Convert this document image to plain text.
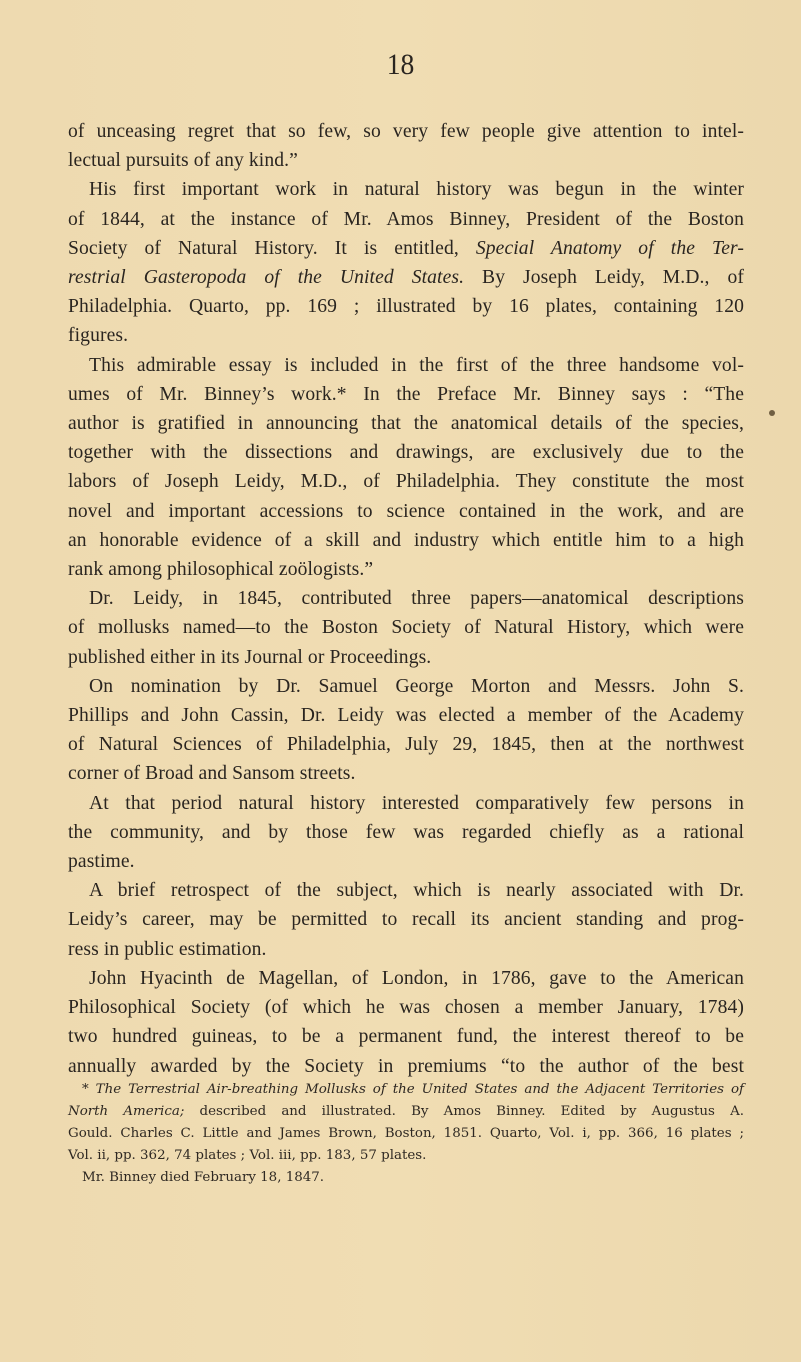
18
of unceasing regret that so few, so very few people give attention to intel-
lectual pursuits of any kind.”
His first important work in natural history was begun in the winter
of 1844, at the instance of Mr. Amos Binney, President of the Boston
Society of Natural History. It is entitled, Special Anatomy of the Ter-
restrial Gasteropoda of the United States. By Joseph Leidy, M.D., of
Philadelphia. Quarto, pp. 169 ; illustrated by 16 plates, containing 120
figures.
This admirable essay is included in the first of the three handsome vol-
umes of Mr. Binney’s work.* In the Preface Mr. Binney says : “The
author is gratified in announcing that the anatomical details of the species,
together with the dissections and drawings, are exclusively due to the
labors of Joseph Leidy, M.D., of Philadelphia. They constitute the most
novel and important accessions to science contained in the work, and are
an honorable evidence of a skill and industry which entitle him to a high
rank among philosophical zoölogists.”
Dr. Leidy, in 1845, contributed three papers—anatomical descriptions
of mollusks named—to the Boston Society of Natural History, which were
published either in its Journal or Proceedings.
On nomination by Dr. Samuel George Morton and Messrs. John S.
Phillips and John Cassin, Dr. Leidy was elected a member of the Academy
of Natural Sciences of Philadelphia, July 29, 1845, then at the northwest
corner of Broad and Sansom streets.
At that period natural history interested comparatively few persons in
the community, and by those few was regarded chiefly as a rational
pastime.
A brief retrospect of the subject, which is nearly associated with Dr.
Leidy’s career, may be permitted to recall its ancient standing and prog-
ress in public estimation.
John Hyacinth de Magellan, of London, in 1786, gave to the American
Philosophical Society (of which he was chosen a member January, 1784)
two hundred guineas, to be a permanent fund, the interest thereof to be
annually awarded by the Society in premiums “to the author of the best
* The Terrestrial Air-breathing Mollusks of the United States and the Adjacent Territories of
North America; described and illustrated. By Amos Binney. Edited by Augustus A.
Gould. Charles C. Little and James Brown, Boston, 1851. Quarto, Vol. i, pp. 366, 16 plates ;
Vol. ii, pp. 362, 74 plates ; Vol. iii, pp. 183, 57 plates.
Mr. Binney died February 18, 1847.
